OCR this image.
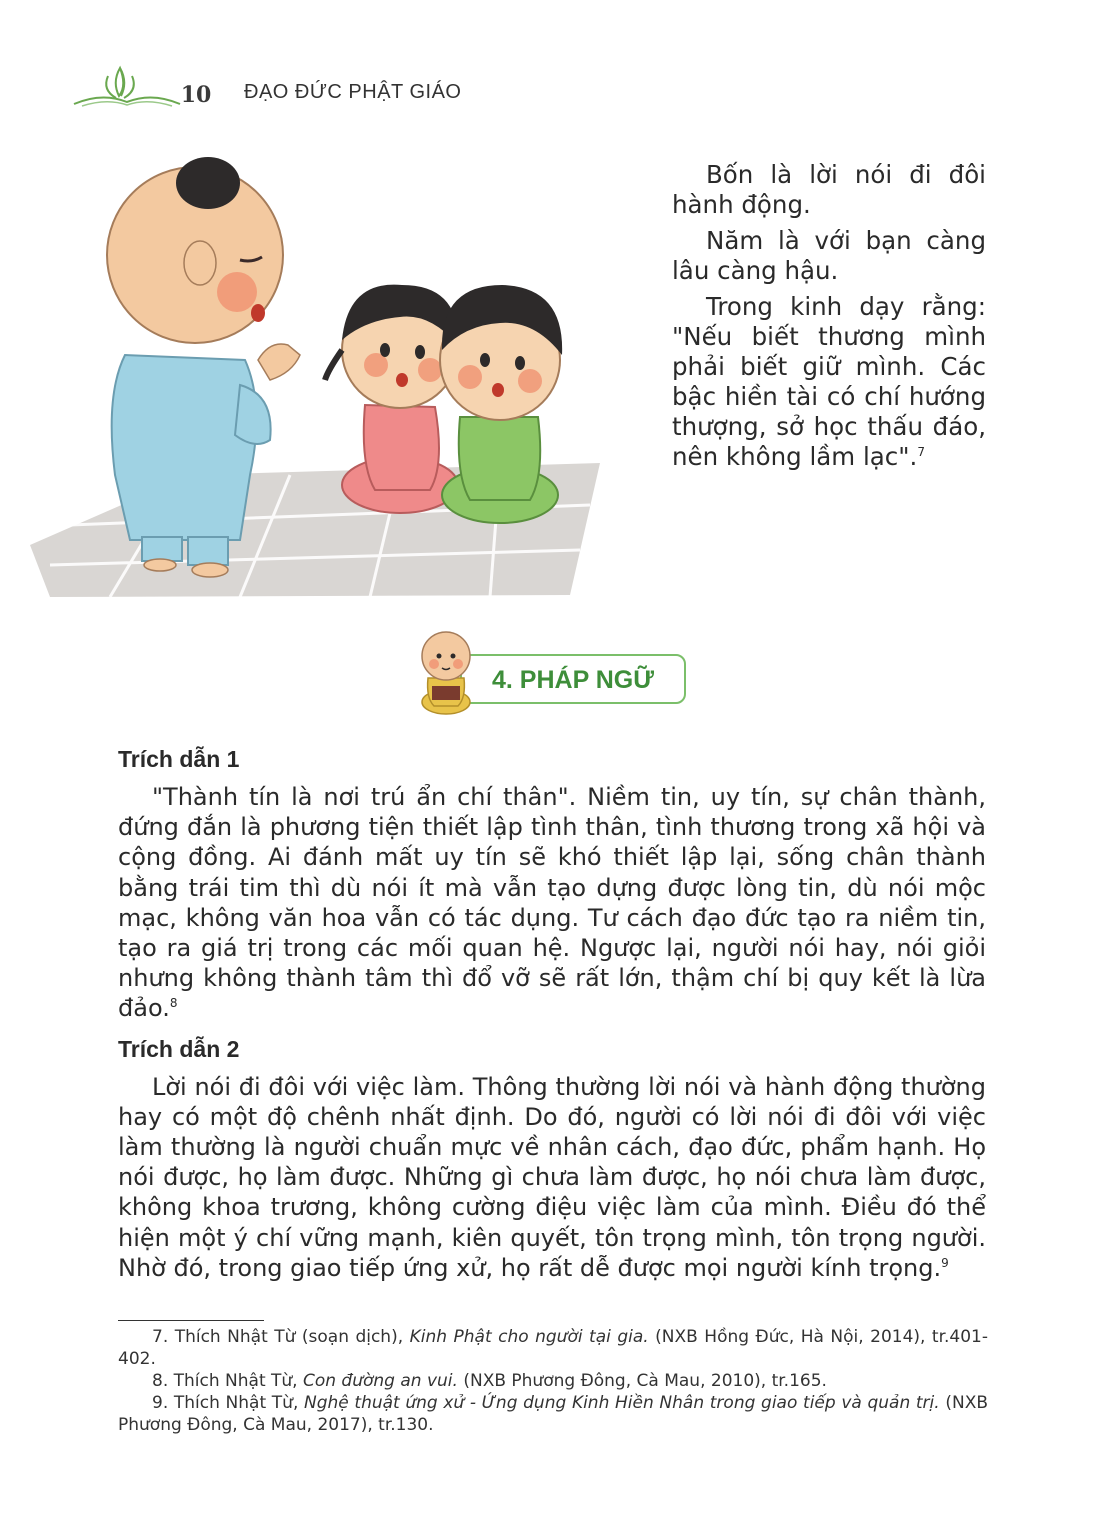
10 ĐẠO ĐỨC PHẬT GIÁO

Bốn là lời nói đi đôi hành động.

Năm là với bạn càng lâu càng hậu.

Trong kinh dạy rằng: "Nếu biết thương mình phải biết giữ mình. Các bậc hiền tài có chí hướng thượng, sở học thấu đáo, nên không lầm lạc".$^7$

4. PHÁP NGỮ
Trích dẫn 1

"Thành tín là nơi trú ẩn chí thân". Niềm tin, uy tín, sự chân thành, đứng đắn là phương tiện thiết lập tình thân, tình thương trong xã hội và cộng đồng. Ai đánh mất uy tín sẽ khó thiết lập lại, sống chân thành bằng trái tim thì dù nói ít mà vẫn tạo dựng được lòng tin, dù nói mộc mạc, không văn hoa vẫn có tác dụng. Tư cách đạo đức tạo ra niềm tin, tạo ra giá trị trong các mối quan hệ. Ngược lại, người nói hay, nói giỏi nhưng không thành tâm thì đổ vỡ sẽ rất lớn, thậm chí bị quy kết là lừa đảo.$^8$

Trích dẫn 2

Lời nói đi đôi với việc làm. Thông thường lời nói và hành động thường hay có một độ chênh nhất định. Do đó, người có lời nói đi đôi với việc làm thường là người chuẩn mực về nhân cách, đạo đức, phẩm hạnh. Họ nói được, họ làm được. Những gì chưa làm được, họ nói chưa làm được, không khoa trương, không cường điệu việc làm của mình. Điều đó thể hiện một ý chí vững mạnh, kiên quyết, tôn trọng mình, tôn trọng người. Nhờ đó, trong giao tiếp ứng xử, họ rất dễ được mọi người kính trọng.$^9$

7. Thích Nhật Từ (soạn dịch), Kinh Phật cho người tại gia. (NXB Hồng Đức, Hà Nội, 2014), tr.401-402.

8. Thích Nhật Từ, Con đường an vui. (NXB Phương Đông, Cà Mau, 2010), tr.165.

9. Thích Nhật Từ, Nghệ thuật ứng xử - Ứng dụng Kinh Hiền Nhân trong giao tiếp và quản trị. (NXB Phương Đông, Cà Mau, 2017), tr.130.
